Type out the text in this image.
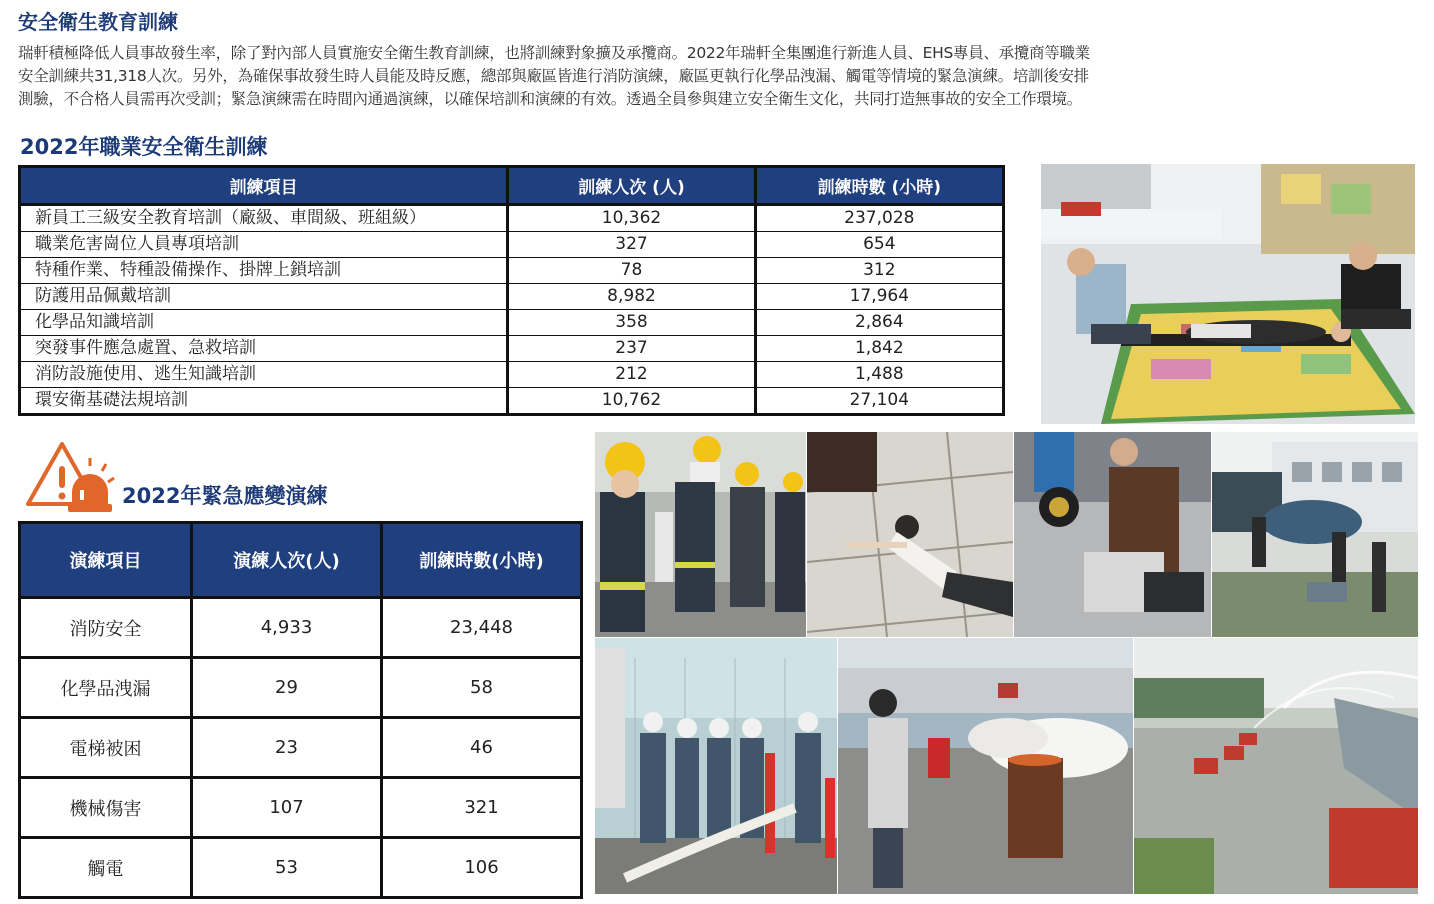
安全衛生教育訓練
瑞軒積極降低人員事故發生率，除了對內部人員實施安全衛生教育訓練，也將訓練對象擴及承攬商。2022年瑞軒全集團進行新進人員、EHS專員、承攬商等職業
安全訓練共31,318人次。另外，為確保事故發生時人員能及時反應，總部與廠區皆進行消防演練，廠區更執行化學品洩漏、觸電等情境的緊急演練。培訓後安排
測驗，不合格人員需再次受訓；緊急演練需在時間內通過演練，以確保培訓和演練的有效。透過全員參與建立安全衛生文化，共同打造無事故的安全工作環境。
2022年職業安全衛生訓練
訓練項目	訓練人次 (人)	訓練時數 (小時)
新員工三級安全教育培訓（廠級、車間級、班組級）	10,362	237,028
職業危害崗位人員專項培訓	327	654
特種作業、特種設備操作、掛牌上鎖培訓	78	312
防護用品佩戴培訓	8,982	17,964
化學品知識培訓	358	2,864
突發事件應急處置、急救培訓	237	1,842
消防設施使用、逃生知識培訓	212	1,488
環安衛基礎法規培訓	10,762	27,104
2022年緊急應變演練
演練項目	演練人次(人)	訓練時數(小時)
消防安全	4,933	23,448
化學品洩漏	29	58
電梯被困	23	46
機械傷害	107	321
觸電	53	106
